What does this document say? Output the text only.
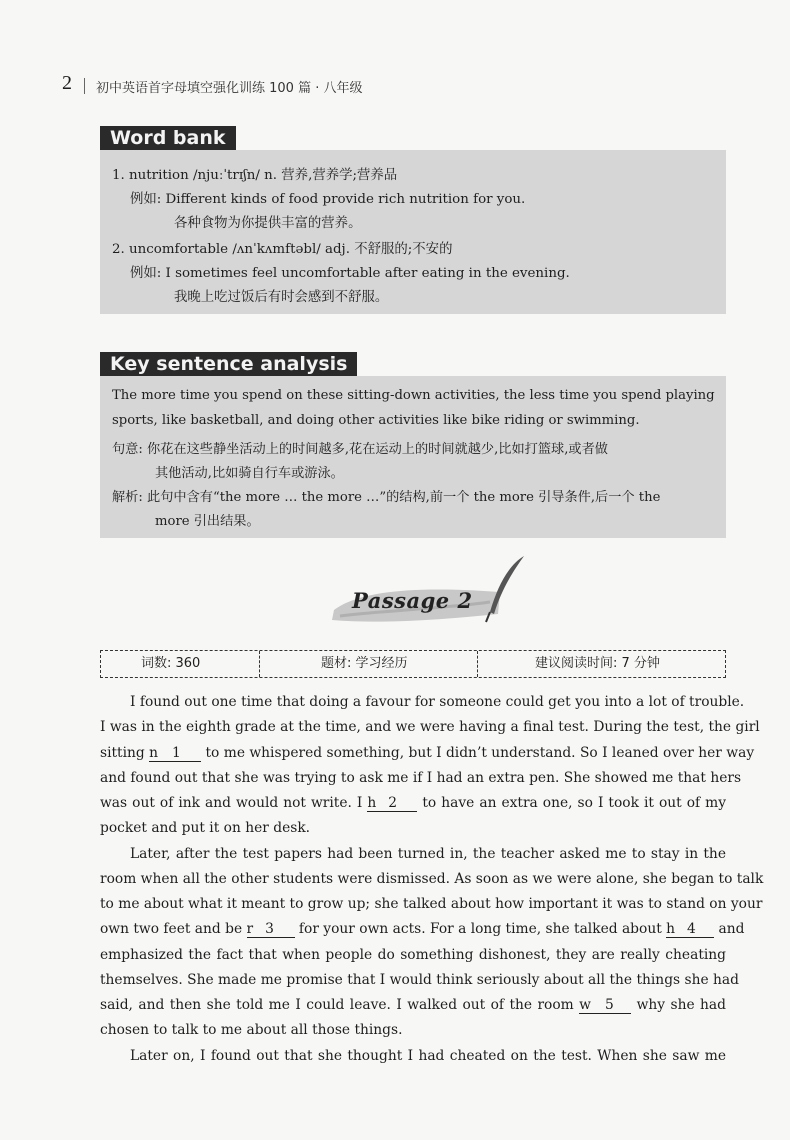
2 初中英语首字母填空强化训练 100 篇 · 八年级
Word bank
1. nutrition /njuːˈtrɪʃn/ n. 营养,营养学;营养品
例如: Different kinds of food provide rich nutrition for you.
各种食物为你提供丰富的营养。
2. uncomfortable /ʌnˈkʌmftəbl/ adj. 不舒服的;不安的
例如: I sometimes feel uncomfortable after eating in the evening.
我晚上吃过饭后有时会感到不舒服。
Key sentence analysis
The more time you spend on these sitting-down activities, the less time you spend playing
sports, like basketball, and doing other activities like bike riding or swimming.
句意: 你花在这些静坐活动上的时间越多,花在运动上的时间就越少,比如打篮球,或者做
其他活动,比如骑自行车或游泳。
解析: 此句中含有“the more … the more …”的结构,前一个 the more 引导条件,后一个 the
more 引出结果。
Passage 2
词数: 360	题材: 学习经历	建议阅读时间: 7 分钟
I found out one time that doing a favour for someone could get you into a lot of trouble.
I was in the eighth grade at the time, and we were having a final test. During the test, the girl
sitting n 1 to me whispered something, but I didn’t understand. So I leaned over her way
and found out that she was trying to ask me if I had an extra pen. She showed me that hers
was out of ink and would not write. I h 2 to have an extra one, so I took it out of my
pocket and put it on her desk.
Later, after the test papers had been turned in, the teacher asked me to stay in the
room when all the other students were dismissed. As soon as we were alone, she began to talk
to me about what it meant to grow up; she talked about how important it was to stand on your
own two feet and be r 3 for your own acts. For a long time, she talked about h 4 and
emphasized the fact that when people do something dishonest, they are really cheating
themselves. She made me promise that I would think seriously about all the things she had
said, and then she told me I could leave. I walked out of the room w 5 why she had
chosen to talk to me about all those things.
Later on, I found out that she thought I had cheated on the test. When she saw me
